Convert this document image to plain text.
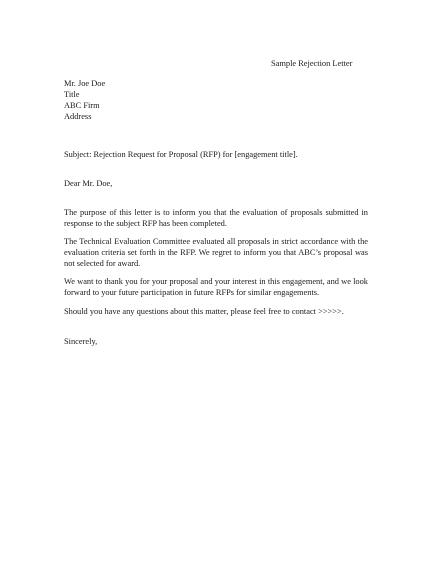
Sample Rejection Letter
Mr. Joe Doe
Title
ABC Firm
Address
Subject: Rejection Request for Proposal (RFP) for [engagement title].
Dear Mr. Doe,
The purpose of this letter is to inform you that the evaluation of proposals submitted in response to the subject RFP has been completed.
The Technical Evaluation Committee evaluated all proposals in strict accordance with the evaluation criteria set forth in the RFP. We regret to inform you that ABC’s proposal was not selected for award.
We want to thank you for your proposal and your interest in this engagement, and we look forward to your future participation in future RFPs for similar engagements.
Should you have any questions about this matter, please feel free to contact >>>>>.
Sincerely,
